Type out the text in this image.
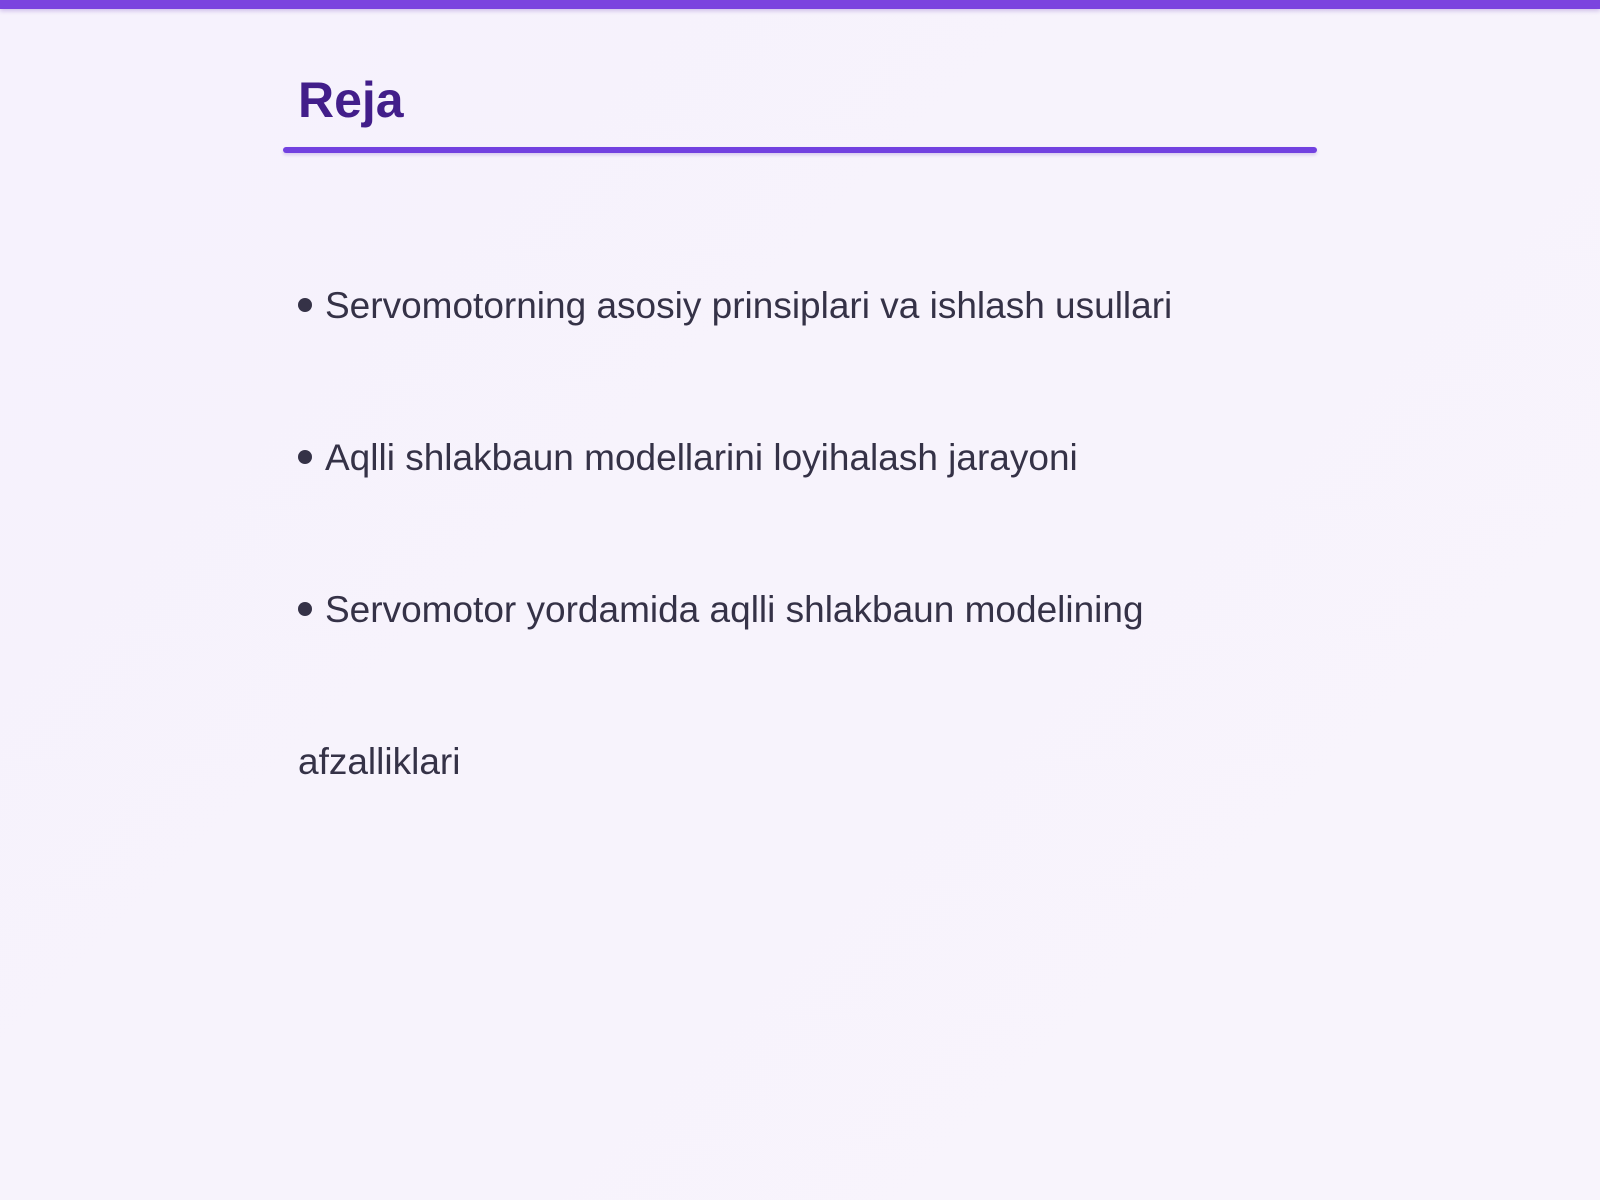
Reja
Servomotorning asosiy prinsiplari va ishlash usullari
Aqlli shlakbaun modellarini loyihalash jarayoni
Servomotor yordamida aqlli shlakbaun modelining
afzalliklari
